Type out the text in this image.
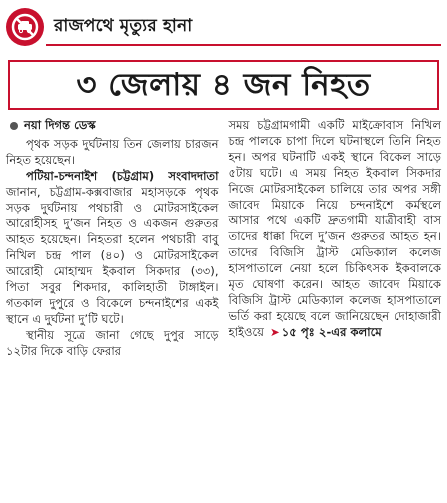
রাজপথে মৃত্যুর হানা
৩ জেলায় ৪ জন নিহত
নয়া দিগন্ত ডেস্ক

পৃথক সড়ক দুর্ঘটনায় তিন জেলায় চারজন নিহত হয়েছেন।

পটিয়া-চন্দনাইশ (চট্টগ্রাম) সংবাদদাতা জানান, চট্টগ্রাম-কক্সবাজার মহাসড়কে পৃথক সড়ক দুর্ঘটনায় পথচারী ও মোটরসাইকেল আরোহীসহ দু’জন নিহত ও একজন গুরুতর আহত হয়েছেন। নিহতরা হলেন পথচারী বাবু নিখিল চন্দ্র পাল (৪০) ও মোটরসাইকেল আরোহী মোহাম্মদ ইকবাল সিকদার (৩৩), পিতা সবুর শিকদার, কালিহাতী টাঙ্গাইল। গতকাল দুপুরে ও বিকেলে চন্দনাইশের একই স্থানে এ দুর্ঘটনা দু’টি ঘটে।

স্থানীয় সূত্রে জানা গেছে দুপুর সাড়ে ১২টার দিকে বাড়ি ফেরার

সময় চট্টগ্রামগামী একটি মাইক্রোবাস নিখিল চন্দ্র পালকে চাপা দিলে ঘটনাস্থলে তিনি নিহত হন। অপর ঘটনাটি একই স্থানে বিকেল সাড়ে ৫টায় ঘটে। এ সময় নিহত ইকবাল সিকদার নিজে মোটরসাইকেল চালিয়ে তার অপর সঙ্গী জাবেদ মিয়াকে নিয়ে চন্দনাইশে কর্মস্থলে আসার পথে একটি দ্রুতগামী যাত্রীবাহী বাস তাদের ধাক্কা দিলে দু’জন গুরুতর আহত হন। তাদের বিজিসি ট্রাস্ট মেডিক্যাল কলেজ হাসপাতালে নেয়া হলে চিকিৎসক ইকবালকে মৃত ঘোষণা করেন। আহত জাবেদ মিয়াকে বিজিসি ট্রাস্ট মেডিক্যাল কলেজ হাসপাতালে ভর্তি করা হয়েছে বলে জানিয়েছেন দোহাজারী হাইওয়ে ➤ ১৫ পৃঃ ২-এর কলামে
